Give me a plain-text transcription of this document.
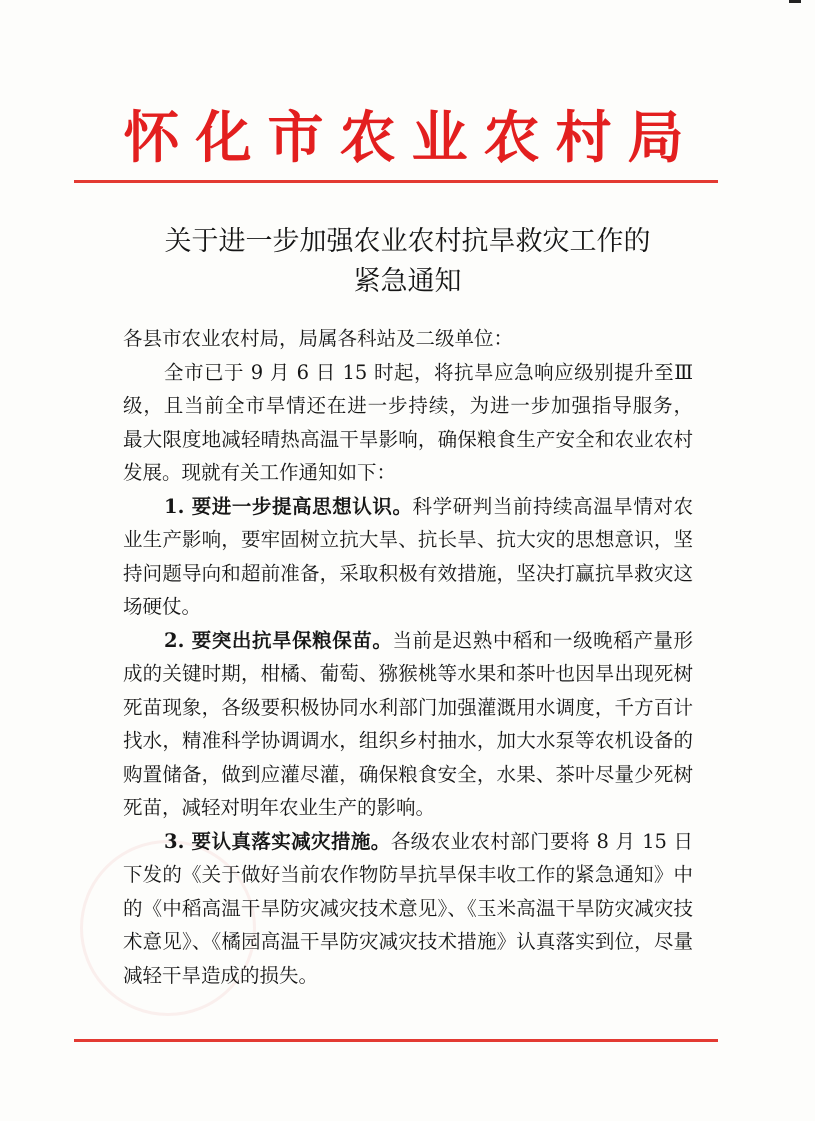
怀化市农业农村局
关于进一步加强农业农村抗旱救灾工作的
紧急通知

各县市农业农村局，局属各科站及二级单位：

全市已于 9 月 6 日 15 时起，将抗旱应急响应级别提升至Ⅲ级，且当前全市旱情还在进一步持续，为进一步加强指导服务， 最大限度地减轻晴热高温干旱影响，确保粮食生产安全和农业农村发展。现就有关工作通知如下：

1. 要进一步提高思想认识。科学研判当前持续高温旱情对农业生产影响，要牢固树立抗大旱、抗长旱、抗大灾的思想意识，坚持问题导向和超前准备，采取积极有效措施，坚决打赢抗旱救灾这场硬仗。

2. 要突出抗旱保粮保苗。当前是迟熟中稻和一级晚稻产量形成的关键时期，柑橘、葡萄、猕猴桃等水果和茶叶也因旱出现死树死苗现象，各级要积极协同水利部门加强灌溉用水调度，千方百计找水，精准科学协调调水，组织乡村抽水，加大水泵等农机设备的购置储备，做到应灌尽灌，确保粮食安全，水果、茶叶尽量少死树死苗，减轻对明年农业生产的影响。

3. 要认真落实减灾措施。各级农业农村部门要将 8 月 15 日下发的《关于做好当前农作物防旱抗旱保丰收工作的紧急通知》中的《中稻高温干旱防灾减灾技术意见》、《玉米高温干旱防灾减灾技术意见》、《橘园高温干旱防灾减灾技术措施》认真落实到位，尽量减轻干旱造成的损失。
